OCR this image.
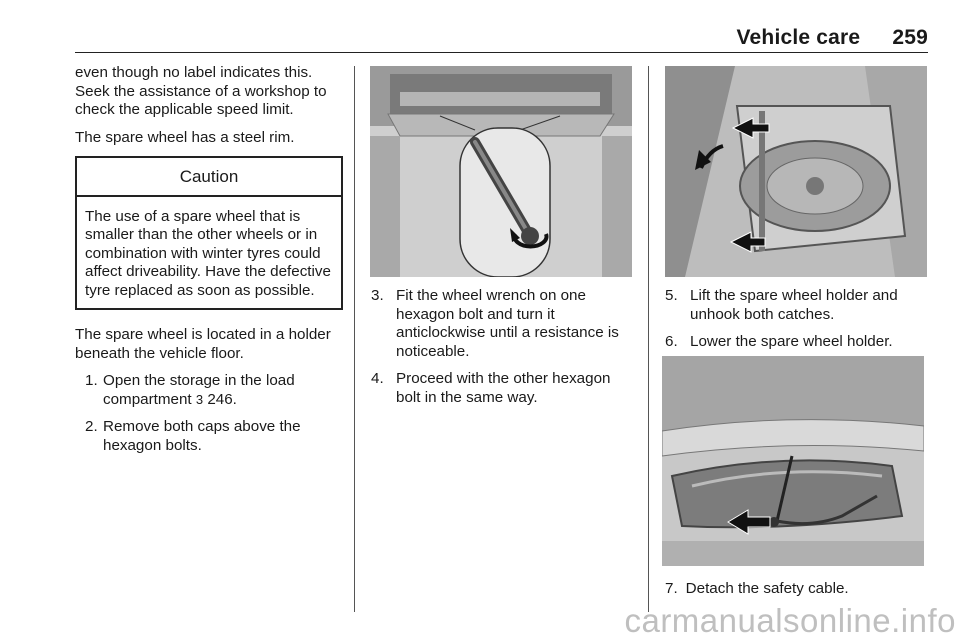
Vehicle care 259

even though no label indicates this. Seek the assistance of a workshop to check the applicable speed limit.

The spare wheel has a steel rim.

Caution
The use of a spare wheel that is smaller than the other wheels or in combination with winter tyres could affect driveability. Have the defective tyre replaced as soon as possible.

The spare wheel is located in a holder beneath the vehicle floor.

1. Open the storage in the load compartment 3 246.
2. Remove both caps above the hexagon bolts.
3. Fit the wheel wrench on one hexagon bolt and turn it anticlockwise until a resistance is noticeable.
4. Proceed with the other hexagon bolt in the same way.
5. Lift the spare wheel holder and unhook both catches.
6. Lower the spare wheel holder.
7. Detach the safety cable.
carmanualsonline.info
